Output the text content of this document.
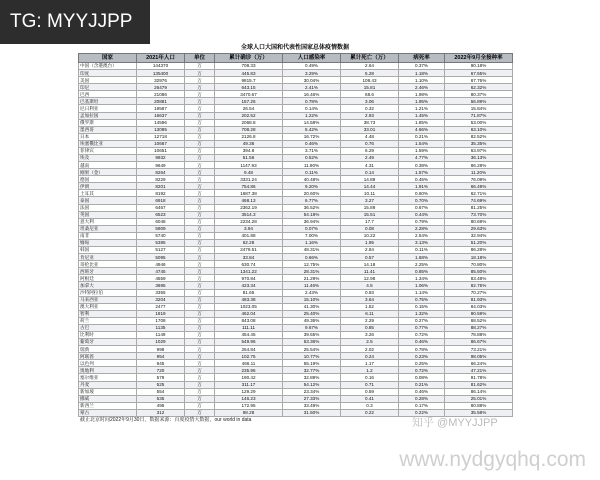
TG: MYYJJPP
全球人口大国和代表性国家总体疫情数据
国家	2021年人口	单位	累计确诊（万）	人口感染率	累计死亡（万）	病死率	2022年9月全接种率
中国（含港澳台）	144370	万	708.33	0.49%	2.64	0.37%	90.18%
印度	135400	万	445.83	3.29%	5.28	1.18%	67.55%
美国	32976	万	9815.7	30.04%	108.43	1.10%	67.76%
印尼	26479	万	643.15	2.41%	15.81	2.46%	62.32%
巴西	21086	万	3470.67	16.46%	68.6	1.98%	80.37%
巴基斯坦	20881	万	157.26	0.78%	3.06	1.95%	56.89%
尼日利亚	19587	万	26.54	0.14%	0.32	1.21%	15.84%
孟加拉国	16637	万	202.52	1.22%	2.93	1.45%	71.87%
俄罗斯	14596	万	2068.8	14.58%	38.73	1.85%	53.00%
墨西哥	13095	万	708.28	5.42%	33.01	4.66%	63.10%
日本	12718	万	2126.8	16.72%	4.48	0.21%	82.52%
埃塞俄比亚	10667	万	49.36	0.46%	0.76	1.54%	35.35%
菲律宾	10651	万	394.8	3.71%	6.29	1.59%	63.97%
埃及	9932	万	51.56	0.52%	2.49	4.77%	36.13%
越南	9649	万	1147.93	11.90%	4.31	0.38%	86.28%
刚果（金）	8264	万	9.48	0.11%	0.14	1.57%	11.20%
德国	8229	万	3331.24	40.48%	14.89	0.45%	76.09%
伊朗	8201	万	754.86	9.20%	14.44	1.91%	66.49%
土耳其	8192	万	1687.38	20.60%	10.11	0.60%	62.71%
泰国	6918	万	468.13	6.77%	3.27	0.70%	74.69%
法国	6467	万	2362.19	36.52%	15.89	0.67%	81.25%
英国	6523	万	3514.3	54.18%	15.51	0.44%	73.70%
意大利	6048	万	2234.28	36.94%	17.7	0.79%	80.69%
坦桑尼亚	5909	万	3.94	0.07%	0.08	2.28%	29.63%
南非	5740	万	401.88	7.00%	10.22	2.54%	32.94%
缅甸	5385	万	62.28	1.16%	1.95	3.13%	51.20%
韩国	5127	万	2479.51	48.31%	2.84	0.11%	86.28%
肯尼亚	5095	万	33.84	0.66%	0.57	1.68%	18.18%
哥伦比亚	4946	万	630.74	12.75%	14.18	2.25%	70.80%
西班牙	4745	万	1341.22	28.31%	11.41	0.85%	85.50%
阿根廷	4559	万	970.84	21.29%	12.98	1.34%	83.48%
加拿大	3695	万	423.34	11.46%	4.5	1.06%	82.75%
沙特阿拉伯	3355	万	81.65	2.43%	0.93	1.14%	70.27%
马来西亚	3204	万	483.38	15.10%	3.64	0.75%	81.93%
澳大利亚	2477	万	1023.05	41.30%	1.52	0.15%	84.03%
智利	1819	万	462.04	25.40%	6.11	1.32%	90.59%
荷兰	1708	万	843.08	49.36%	2.29	0.27%	68.52%
古巴	1135	万	111.11	9.67%	0.85	0.77%	88.27%
比利时	1149	万	454.45	39.55%	3.26	0.72%	78.88%
葡萄牙	1029	万	549.96	53.36%	2.5	0.46%	86.67%
瑞典	998	万	254.84	25.54%	2.02	0.78%	73.21%
阿联酋	954	万	102.75	10.77%	0.24	0.23%	98.05%
以色列	945	万	466.11	55.19%	1.17	0.25%	66.24%
奥地利	720	万	235.95	32.77%	1.2	0.72%	47.21%
塞尔维亚	579	万	190.42	32.89%	0.16	0.08%	91.78%
丹麦	525	万	311.17	54.12%	0.71	0.21%	81.62%
新加坡	554	万	129.29	23.34%	0.59	0.46%	86.14%
挪威	535	万	146.23	27.33%	0.41	0.28%	25.01%
新西兰	495	万	172.95	33.49%	0.3	0.17%	80.88%
蒙古	312	万	98.28	31.50%	0.22	0.22%	35.58%
截止北京时间2022年9月30日，数据来源：百度疫情大数据，our world in data	知乎 @MYYJJPP
www.nydgyqhq.com
